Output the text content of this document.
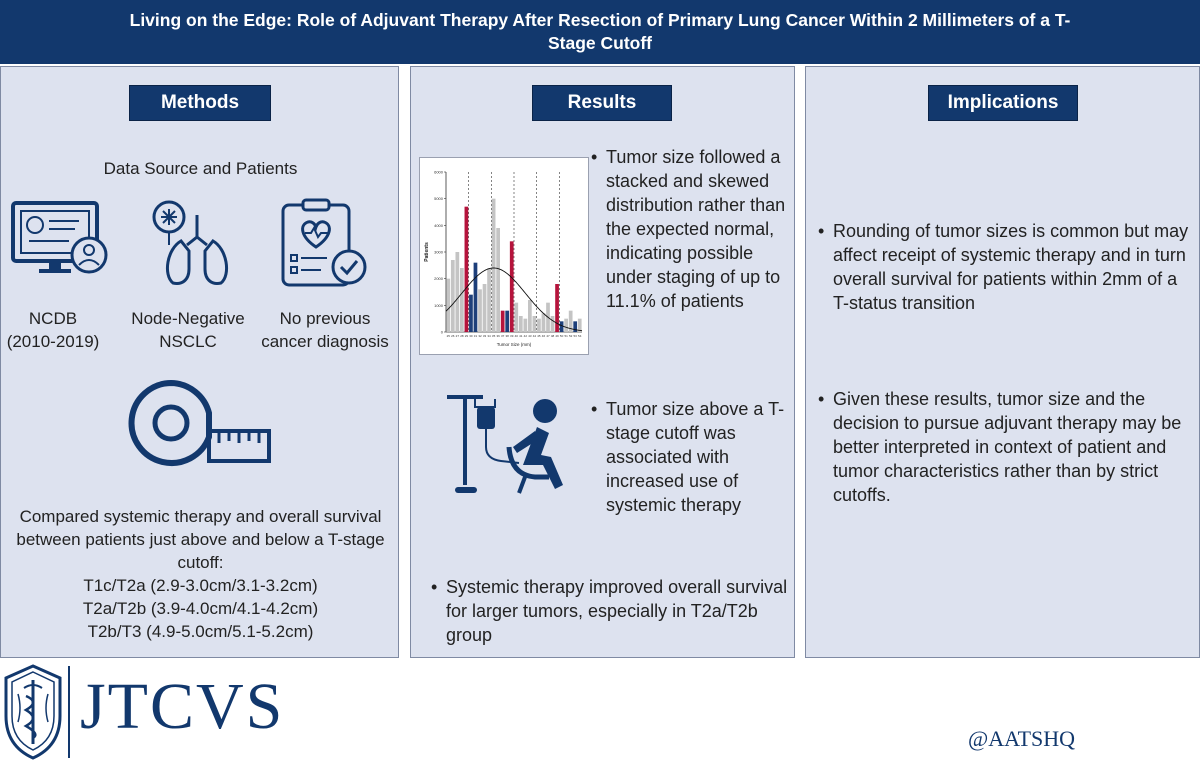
Living on the Edge: Role of Adjuvant Therapy After Resection of Primary Lung Cancer Within 2 Millimeters of a T-Stage Cutoff
Methods
Data Source and Patients
NCDB
(2010-2019)
Node-Negative
NSCLC
No previous
cancer diagnosis
Compared systemic therapy and overall survival between patients just above and below a T-stage cutoff:
T1c/T2a (2.9-3.0cm/3.1-3.2cm)
T2a/T2b (3.9-4.0cm/4.1-4.2cm)
T2b/T3 (4.9-5.0cm/5.1-5.2cm)
Results
0
1000
2000
3000
4000
5000
6000
25 26 27 28 29 30 31 32 33 34 35 36 37 38 39 40 41 42 43 44 45 46 47 48 49 50 51 52 53 54
Patients
Tumor Size (mm)
• Tumor size followed a stacked and skewed distribution rather than the expected normal, indicating possible under staging of up to 11.1% of patients
• Tumor size above a T- stage cutoff was associated with increased use of systemic therapy
• Systemic therapy improved overall survival for larger tumors, especially in T2a/T2b group
Implications
• Rounding of tumor sizes is common but may affect receipt of systemic therapy and in turn overall survival for patients within 2mm of a T-status transition
• Given these results, tumor size and the decision to pursue adjuvant therapy may be better interpreted in context of patient and tumor characteristics rather than by strict cutoffs.
JTCVS	@AATSHQ
